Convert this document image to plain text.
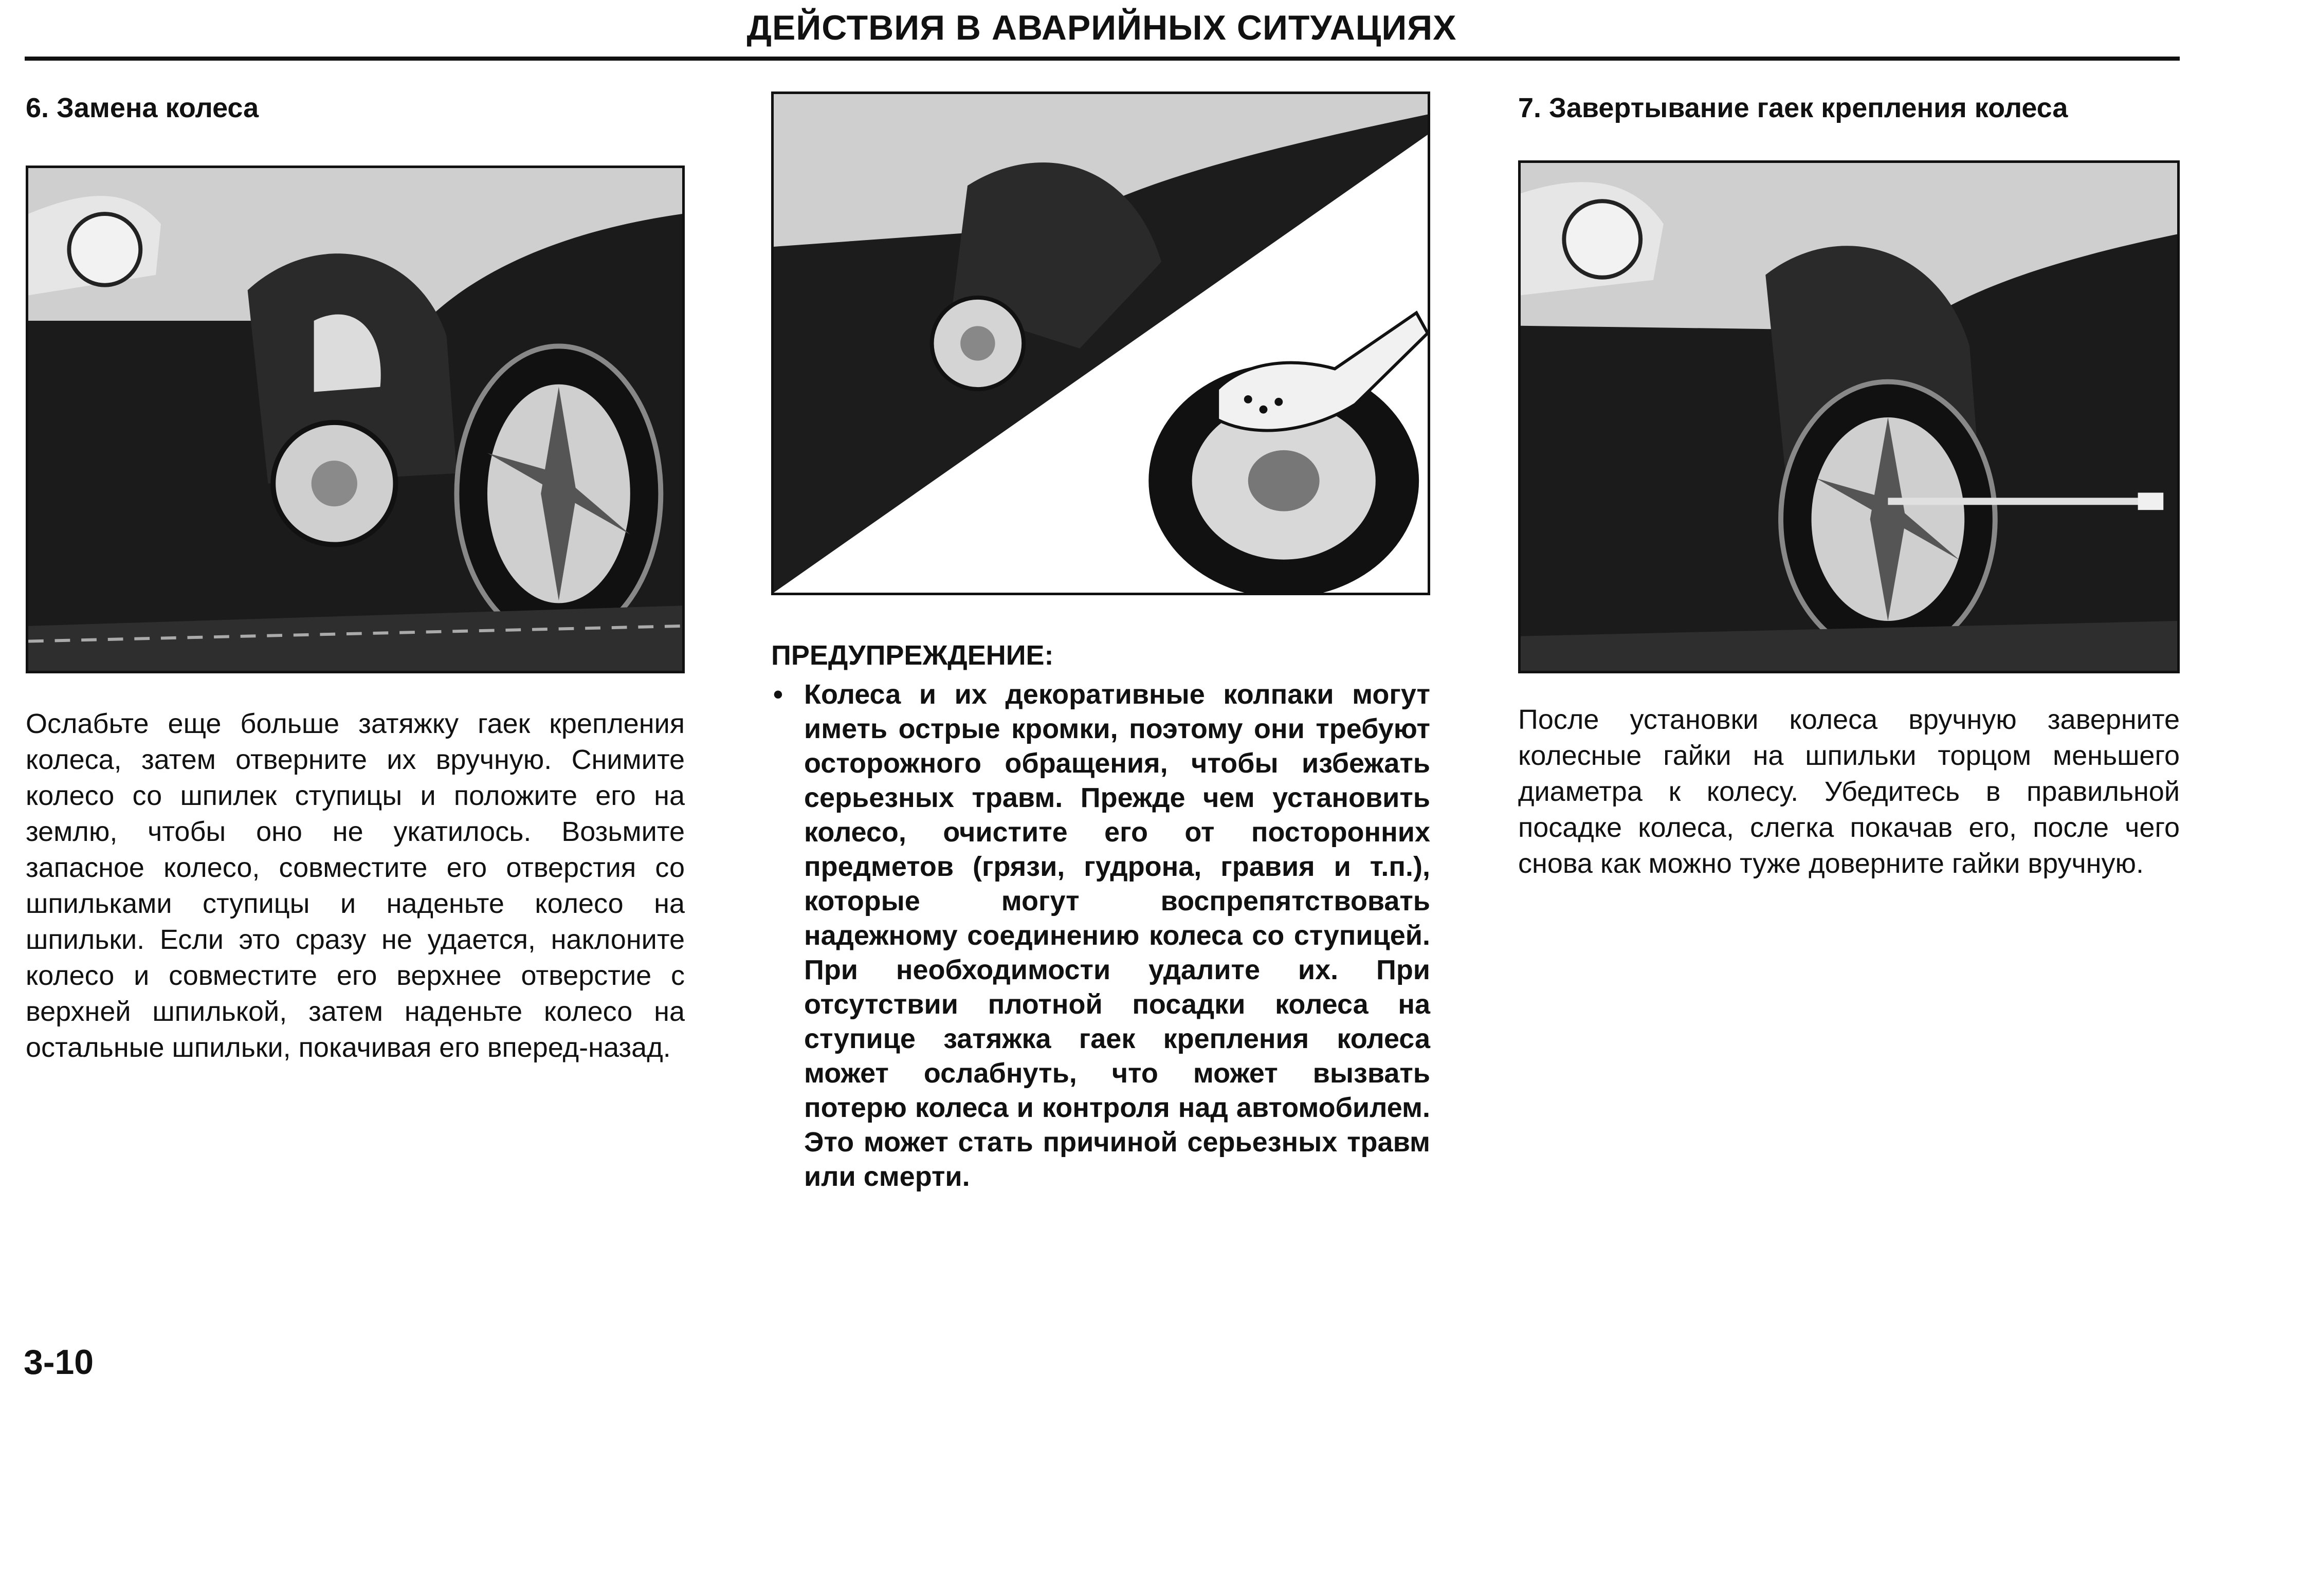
ДЕЙСТВИЯ В АВАРИЙНЫХ СИТУАЦИЯХ
6. Замена колеса
Ослабьте еще больше затяжку гаек крепления колеса, затем отверните их вручную. Снимите колесо со шпилек ступицы и положите его на землю, чтобы оно не укатилось. Возьмите запасное колесо, совместите его отверстия со шпильками ступицы и наденьте колесо на шпильки. Если это сразу не удается, наклоните колесо и совместите его верхнее отверстие с верхней шпилькой, затем наденьте колесо на остальные шпильки, покачивая его вперед-назад.
ПРЕДУПРЕЖДЕНИЕ:
• Колеса и их декоративные колпаки могут иметь острые кромки, поэтому они требуют осторожного обращения, чтобы избежать серьезных травм. Прежде чем установить колесо, очистите его от посторонних предметов (грязи, гудрона, гравия и т.п.), которые могут воспрепятствовать надежному соединению колеса со ступицей. При необходимости удалите их. При отсутствии плотной посадки колеса на ступице затяжка гаек крепления колеса может ослабнуть, что может вызвать потерю колеса и контроля над автомобилем. Это может стать причиной серьезных травм или смерти.
7. Завертывание гаек крепления колеса
После установки колеса вручную заверните колесные гайки на шпильки торцом меньшего диаметра к колесу. Убедитесь в правильной посадке колеса, слегка покачав его, после чего снова как можно туже доверните гайки вручную.
3-10
